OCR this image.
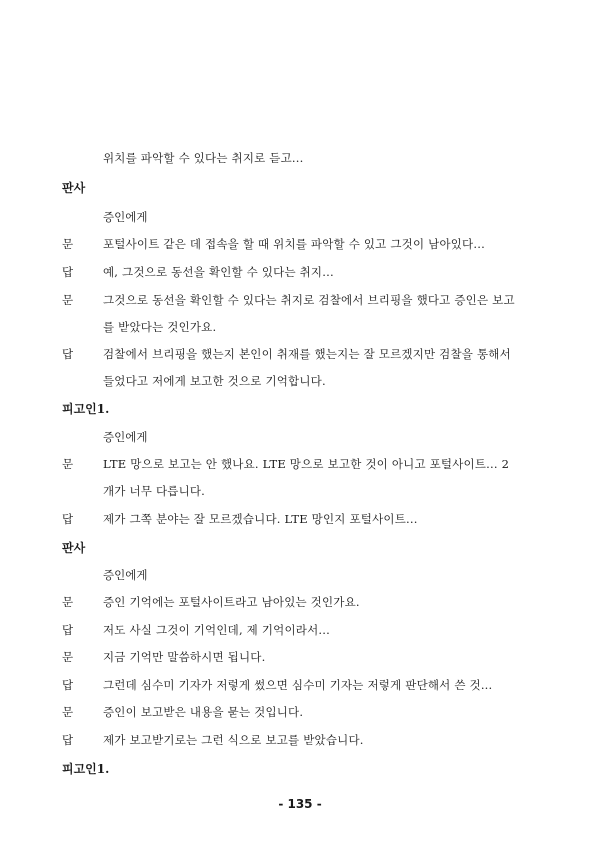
위치를 파악할 수 있다는 취지로 듣고...
판사
증인에게
문	포털사이트 같은 데 접속을 할 때 위치를 파악할 수 있고 그것이 남아있다...
답	예, 그것으로 동선을 확인할 수 있다는 취지...
문	그것으로 동선을 확인할 수 있다는 취지로 검찰에서 브리핑을 했다고 증인은 보고
를 받았다는 것인가요.
답	검찰에서 브리핑을 했는지 본인이 취재를 했는지는 잘 모르겠지만 검찰을 통해서
들었다고 저에게 보고한 것으로 기억합니다.
피고인1.
증인에게
문	LTE 망으로 보고는 안 했나요. LTE 망으로 보고한 것이 아니고 포털사이트... 2
개가 너무 다릅니다.
답	제가 그쪽 분야는 잘 모르겠습니다. LTE 망인지 포털사이트...
판사
증인에게
문	증인 기억에는 포털사이트라고 남아있는 것인가요.
답	저도 사실 그것이 기억인데, 제 기억이라서...
문	지금 기억만 말씀하시면 됩니다.
답	그런데 심수미 기자가 저렇게 썼으면 심수미 기자는 저렇게 판단해서 쓴 것...
문	증인이 보고받은 내용을 묻는 것입니다.
답	제가 보고받기로는 그런 식으로 보고를 받았습니다.
피고인1.
- 135 -
